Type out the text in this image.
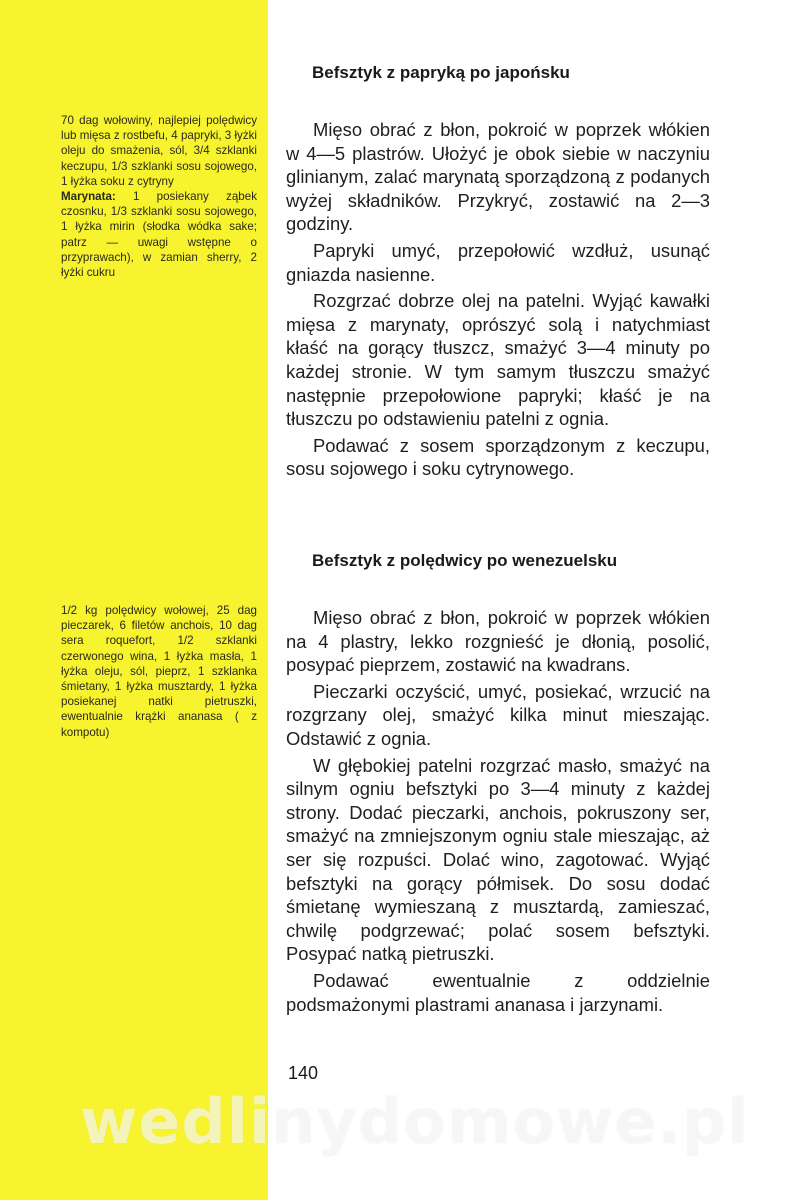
70 dag wołowiny, najlepiej polędwicy lub mięsa z rostbefu, 4 papryki, 3 łyżki oleju do smażenia, sól, 3/4 szklanki keczupu, 1/3 szklanki sosu sojowego, 1 łyżka soku z cytryny

Marynata: 1 posiekany ząbek czosnku, 1/3 szklanki sosu sojowego, 1 łyżka mirin (słodka wódka sake; patrz — uwagi wstępne o przyprawach), w zamian sherry, 2 łyżki cukru

Befsztyk z papryką po japońsku

Mięso obrać z błon, pokroić w poprzek włókien w 4—5 plastrów. Ułożyć je obok siebie w naczyniu glinianym, zalać marynatą sporządzoną z podanych wyżej składników. Przykryć, zostawić na 2—3 godziny.

Papryki umyć, przepołowić wzdłuż, usunąć gniazda nasienne.

Rozgrzać dobrze olej na patelni. Wyjąć kawałki mięsa z marynaty, oprószyć solą i natychmiast kłaść na gorący tłuszcz, smażyć 3—4 minuty po każdej stronie. W tym samym tłuszczu smażyć następnie przepołowione papryki; kłaść je na tłuszczu po odstawieniu patelni z ognia.

Podawać z sosem sporządzonym z keczupu, sosu sojowego i soku cytrynowego.

1/2 kg polędwicy wołowej, 25 dag pieczarek, 6 filetów anchois, 10 dag sera roquefort, 1/2 szklanki czerwonego wina, 1 łyżka masła, 1 łyżka oleju, sól, pieprz, 1 szklanka śmietany, 1 łyżka musztardy, 1 łyżka posiekanej natki pietruszki, ewentualnie krążki ananasa ( z kompotu)

Befsztyk z polędwicy po wenezuelsku

Mięso obrać z błon, pokroić w poprzek włókien na 4 plastry, lekko rozgnieść je dłonią, posolić, posypać pieprzem, zostawić na kwadrans.

Pieczarki oczyścić, umyć, posiekać, wrzucić na rozgrzany olej, smażyć kilka minut mieszając. Odstawić z ognia.

W głębokiej patelni rozgrzać masło, smażyć na silnym ogniu befsztyki po 3—4 minuty z każdej strony. Dodać pieczarki, anchois, pokruszony ser, smażyć na zmniejszonym ogniu stale mieszając, aż ser się rozpuści. Dolać wino, zagotować. Wyjąć befsztyki na gorący półmisek. Do sosu dodać śmietanę wymieszaną z musztardą, zamieszać, chwilę podgrzewać; polać sosem befsztyki. Posypać natką pietruszki.

Podawać ewentualnie z oddzielnie podsmażonymi plastrami ananasa i jarzynami.

140
wedlinydomowe.pl
